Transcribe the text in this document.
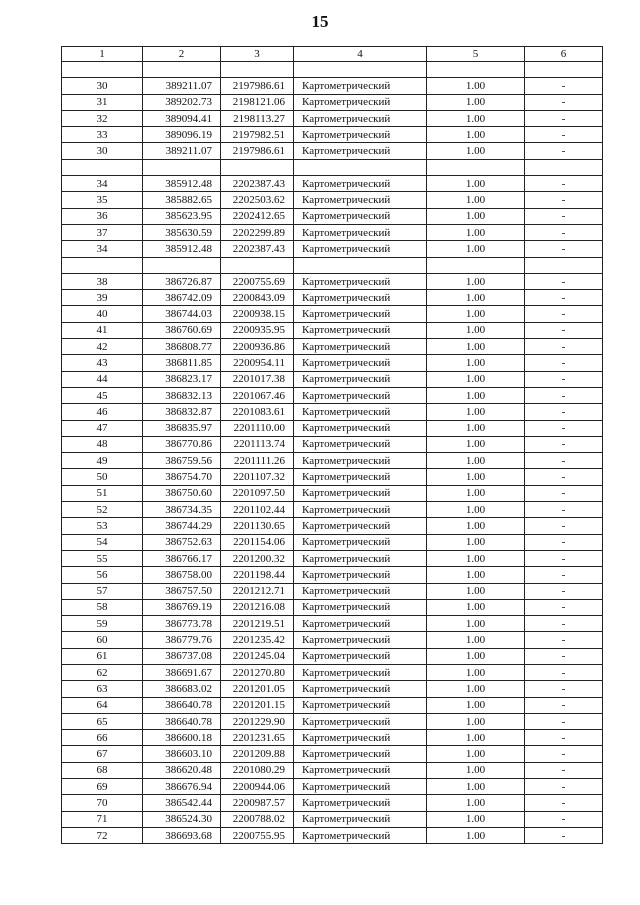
15
1	2	3	4	5	6

30	389211.07	2197986.61	Картометрический	1.00	-
31	389202.73	2198121.06	Картометрический	1.00	-
32	389094.41	2198113.27	Картометрический	1.00	-
33	389096.19	2197982.51	Картометрический	1.00	-
30	389211.07	2197986.61	Картометрический	1.00	-

34	385912.48	2202387.43	Картометрический	1.00	-
35	385882.65	2202503.62	Картометрический	1.00	-
36	385623.95	2202412.65	Картометрический	1.00	-
37	385630.59	2202299.89	Картометрический	1.00	-
34	385912.48	2202387.43	Картометрический	1.00	-

38	386726.87	2200755.69	Картометрический	1.00	-
39	386742.09	2200843.09	Картометрический	1.00	-
40	386744.03	2200938.15	Картометрический	1.00	-
41	386760.69	2200935.95	Картометрический	1.00	-
42	386808.77	2200936.86	Картометрический	1.00	-
43	386811.85	2200954.11	Картометрический	1.00	-
44	386823.17	2201017.38	Картометрический	1.00	-
45	386832.13	2201067.46	Картометрический	1.00	-
46	386832.87	2201083.61	Картометрический	1.00	-
47	386835.97	2201110.00	Картометрический	1.00	-
48	386770.86	2201113.74	Картометрический	1.00	-
49	386759.56	2201111.26	Картометрический	1.00	-
50	386754.70	2201107.32	Картометрический	1.00	-
51	386750.60	2201097.50	Картометрический	1.00	-
52	386734.35	2201102.44	Картометрический	1.00	-
53	386744.29	2201130.65	Картометрический	1.00	-
54	386752.63	2201154.06	Картометрический	1.00	-
55	386766.17	2201200.32	Картометрический	1.00	-
56	386758.00	2201198.44	Картометрический	1.00	-
57	386757.50	2201212.71	Картометрический	1.00	-
58	386769.19	2201216.08	Картометрический	1.00	-
59	386773.78	2201219.51	Картометрический	1.00	-
60	386779.76	2201235.42	Картометрический	1.00	-
61	386737.08	2201245.04	Картометрический	1.00	-
62	386691.67	2201270.80	Картометрический	1.00	-
63	386683.02	2201201.05	Картометрический	1.00	-
64	386640.78	2201201.15	Картометрический	1.00	-
65	386640.78	2201229.90	Картометрический	1.00	-
66	386600.18	2201231.65	Картометрический	1.00	-
67	386603.10	2201209.88	Картометрический	1.00	-
68	386620.48	2201080.29	Картометрический	1.00	-
69	386676.94	2200944.06	Картометрический	1.00	-
70	386542.44	2200987.57	Картометрический	1.00	-
71	386524.30	2200788.02	Картометрический	1.00	-
72	386693.68	2200755.95	Картометрический	1.00	-
